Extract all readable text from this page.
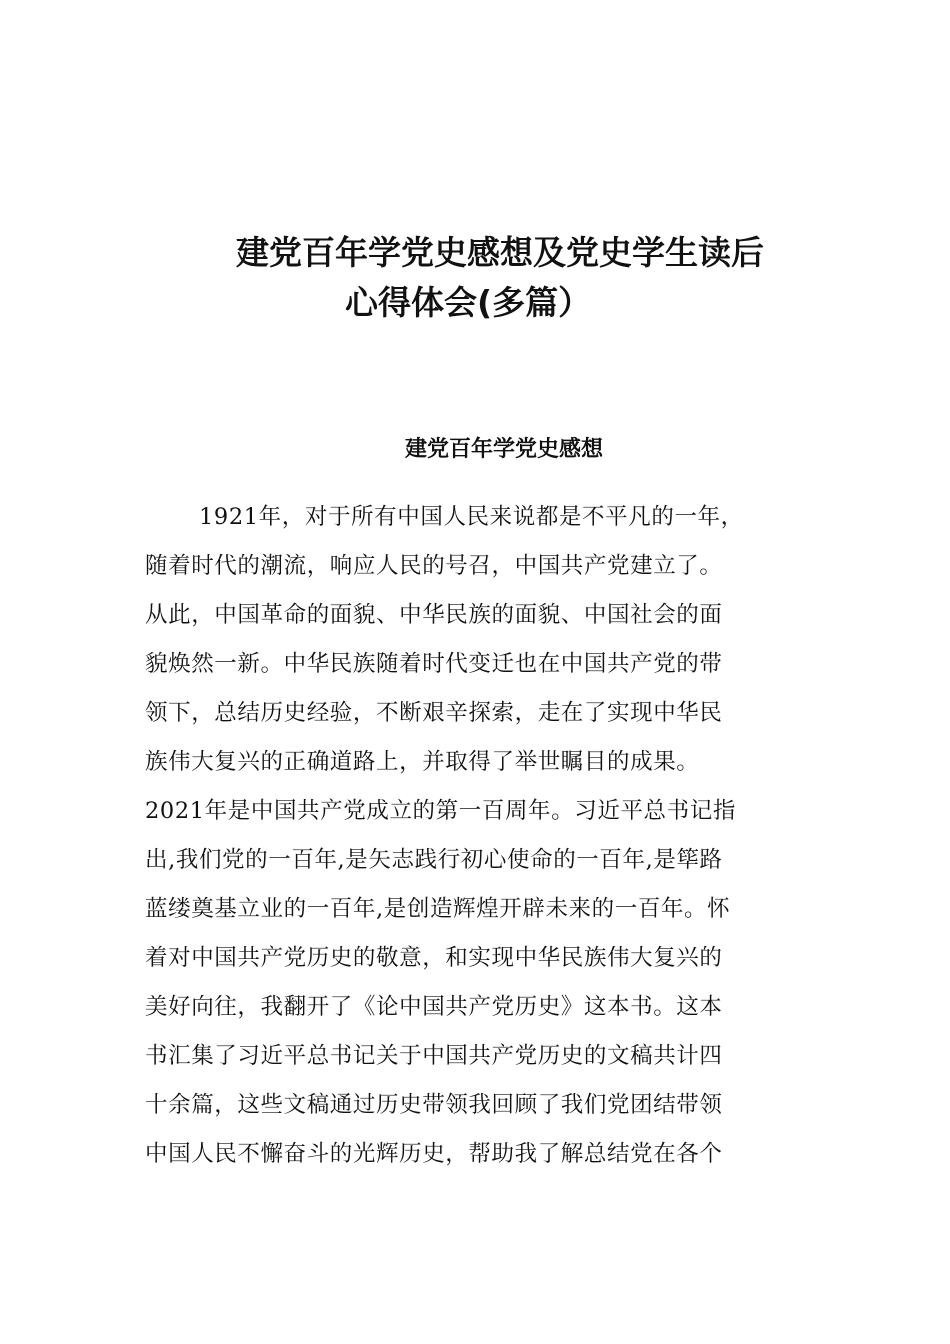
建党百年学党史感想及党史学生读后
心得体会(多篇）
建党百年学党史感想
1921年，对于所有中国人民来说都是不平凡的一年，
随着时代的潮流，响应人民的号召，中国共产党建立了。
从此，中国革命的面貌、中华民族的面貌、中国社会的面
貌焕然一新。中华民族随着时代变迁也在中国共产党的带
领下，总结历史经验，不断艰辛探索，走在了实现中华民
族伟大复兴的正确道路上，并取得了举世瞩目的成果。
2021年是中国共产党成立的第一百周年。习近平总书记指
出,我们党的一百年,是矢志践行初心使命的一百年,是筚路
蓝缕奠基立业的一百年,是创造辉煌开辟未来的一百年。怀
着对中国共产党历史的敬意，和实现中华民族伟大复兴的
美好向往，我翻开了《论中国共产党历史》这本书。这本
书汇集了习近平总书记关于中国共产党历史的文稿共计四
十余篇，这些文稿通过历史带领我回顾了我们党团结带领
中国人民不懈奋斗的光辉历史，帮助我了解总结党在各个
